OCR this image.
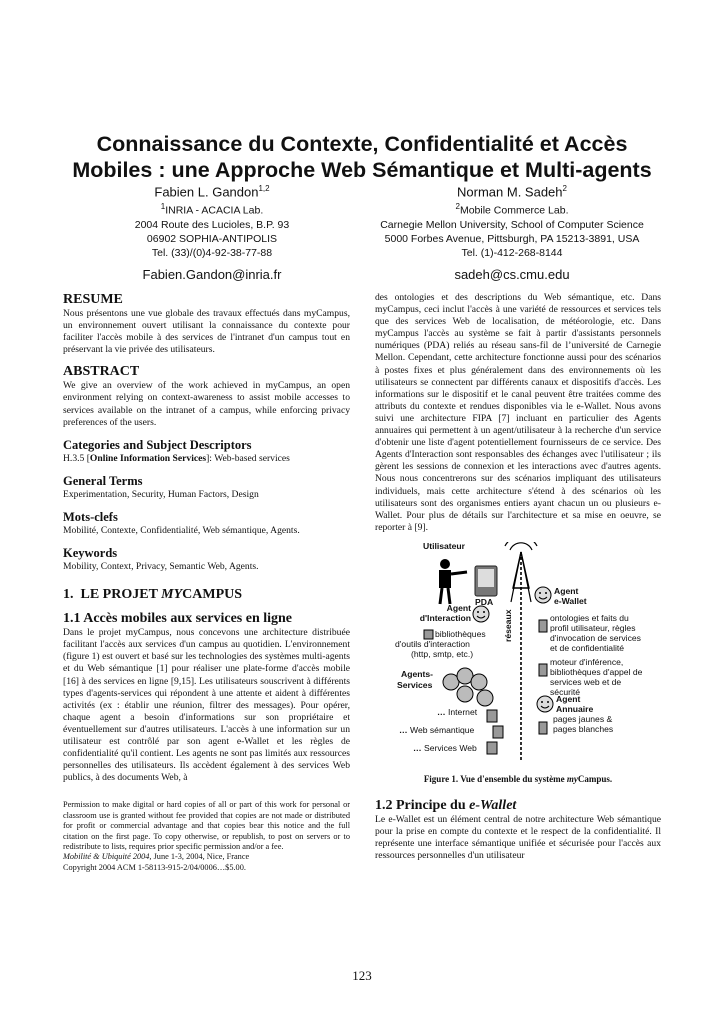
Connaissance du Contexte, Confidentialité et Accès
Mobiles : une Approche Web Sémantique et Multi-agents
Fabien L. Gandon$^{1,2}$
$^1$INRIA - ACACIA Lab.
2004 Route des Lucioles, B.P. 93
06902 SOPHIA-ANTIPOLIS
Tel. (33)/(0)4-92-38-77-88
Fabien.Gandon@inria.fr
Norman M. Sadeh$^2$
$^2$Mobile Commerce Lab.
Carnegie Mellon University, School of Computer Science
5000 Forbes Avenue, Pittsburgh, PA 15213-3891, USA
Tel. (1)-412-268-8144
sadeh@cs.cmu.edu
RESUME

Nous présentons une vue globale des travaux effectués dans myCampus, un environnement ouvert utilisant la connaissance du contexte pour faciliter l'accès mobile à des services de l'intranet d'un campus tout en préservant la vie privée des utilisateurs.

ABSTRACT

We give an overview of the work achieved in myCampus, an open environment relying on context-awareness to assist mobile accesses to services available on the intranet of a campus, while enforcing privacy preferences of the users.

Categories and Subject Descriptors

H.3.5 [Online Information Services]: Web-based services

General Terms

Experimentation, Security, Human Factors, Design

Mots-clefs

Mobilité, Contexte, Confidentialité, Web sémantique, Agents.

Keywords

Mobility, Context, Privacy, Semantic Web, Agents.

1. LE PROJET MYCAMPUS
1.1 Accès mobiles aux services en ligne

Dans le projet myCampus, nous concevons une architecture distribuée facilitant l'accès aux services d'un campus au quotidien. L'environnement (figure 1) est ouvert et basé sur les technologies des systèmes multi-agents et du Web sémantique [1] pour réaliser une plate-forme d'accès mobile [16] à des services en ligne [9,15]. Les utilisateurs souscrivent à différents types d'agents-services qui répondent à une attente et aident à différentes activités (ex : établir une réunion, filtrer des messages). Pour opérer, chaque agent a besoin d'informations sur son propriétaire et éventuellement sur d'autres utilisateurs. L'accès à une information sur un utilisateur est contrôlé par son agent e-Wallet et les règles de confidentialité qu'il contient. Les agents ne sont pas limités aux ressources personnelles des utilisateurs. Ils accèdent également à des services Web publics, à des documents Web, à

Permission to make digital or hard copies of all or part of this work for personal or classroom use is granted without fee provided that copies are not made or distributed for profit or commercial advantage and that copies bear this notice and the full citation on the first page. To copy otherwise, or republish, to post on servers or to redistribute to lists, requires prior specific permission and/or a fee.

Mobilité & Ubiquité 2004, June 1-3, 2004, Nice, France

Copyright 2004 ACM 1-58113-915-2/04/0006…$5.00.

des ontologies et des descriptions du Web sémantique, etc. Dans myCampus, ceci inclut l'accès à une variété de ressources et services tels que des services Web de localisation, de météorologie, etc. Dans myCampus l'accès au système se fait à partir d'assistants personnels numériques (PDA) reliés au réseau sans-fil de l’université de Carnegie Mellon. Cependant, cette architecture fonctionne aussi pour des scénarios à postes fixes et plus généralement dans des environnements où les utilisateurs se connectent par différents canaux et dispositifs d'accès. Les informations sur le dispositif et le canal peuvent être traitées comme des attributs du contexte et rendues disponibles via le e-Wallet. Nous avons suivi une architecture FIPA [7] incluant en particulier des Agents annuaires qui permettent à un agent/utilisateur à la recherche d'un service d'obtenir une liste d'agent potentiellement fournisseurs de ce service. Des Agents d'Interaction sont responsables des échanges avec l'utilisateur ; ils gèrent les sessions de connexion et les interactions avec d'autres agents. Nous nous concentrerons sur des scénarios impliquant des utilisateurs individuels, mais cette architecture s'étend à des scénarios où les utilisateurs sont des organismes entiers ayant chacun un ou plusieurs e-Wallet. Pour plus de détails sur l'architecture et sa mise en oeuvre, se reporter à [9].

Utilisateur
PDA
réseaux
Agent
e-Wallet
Agent
d'Interaction
bibliothèques
d'outils d'interaction
(http, smtp, etc.)
ontologies et faits du
profil utilisateur, règles
d'invocation de services
et de confidentialité
moteur d'inférence,
bibliothèques d'appel de
services web et de
sécurité
Agents-
Services
Agent
Annuaire
pages jaunes &
pages blanches
… Internet
… Web sémantique
… Services Web
Figure 1. Vue d'ensemble du système myCampus.
1.2 Principe du e-Wallet

Le e-Wallet est un élément central de notre architecture Web sémantique pour la prise en compte du contexte et le respect de la confidentialité. Il représente une interface sémantique unifiée et sécurisée pour l'accès aux ressources personnelles d'un utilisateur

123
